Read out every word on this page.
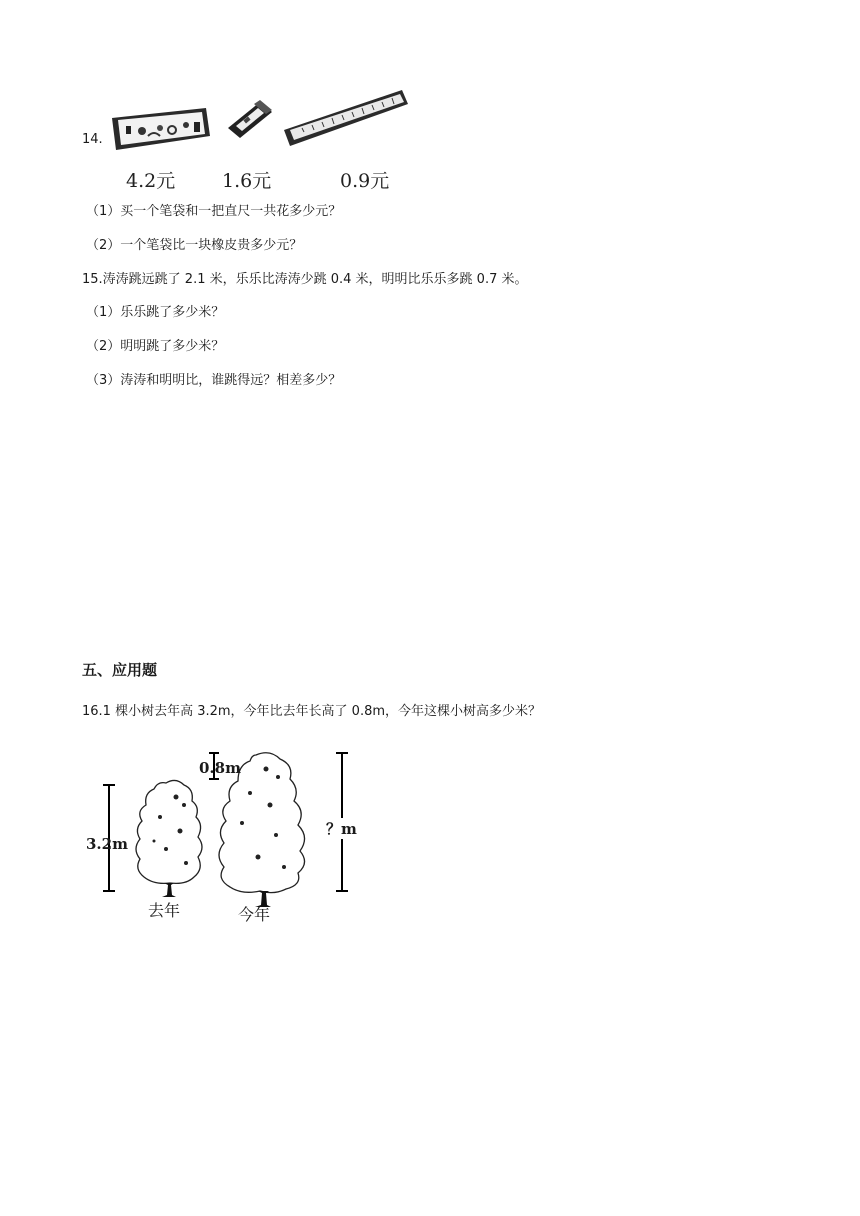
14.
4.2元 1.6元	0.9元
（1）买一个笔袋和一把直尺一共花多少元？
（2）一个笔袋比一块橡皮贵多少元？
15.涛涛跳远跳了 2.1 米，乐乐比涛涛少跳 0.4 米，明明比乐乐多跳 0.7 米。
（1）乐乐跳了多少米？
（2）明明跳了多少米？
（3）涛涛和明明比，谁跳得远？相差多少？
五、应用题
16.1 棵小树去年高 3.2m，今年比去年长高了 0.8m，今年这棵小树高多少米？
3.2m
0.8m
？m
去年	今年
